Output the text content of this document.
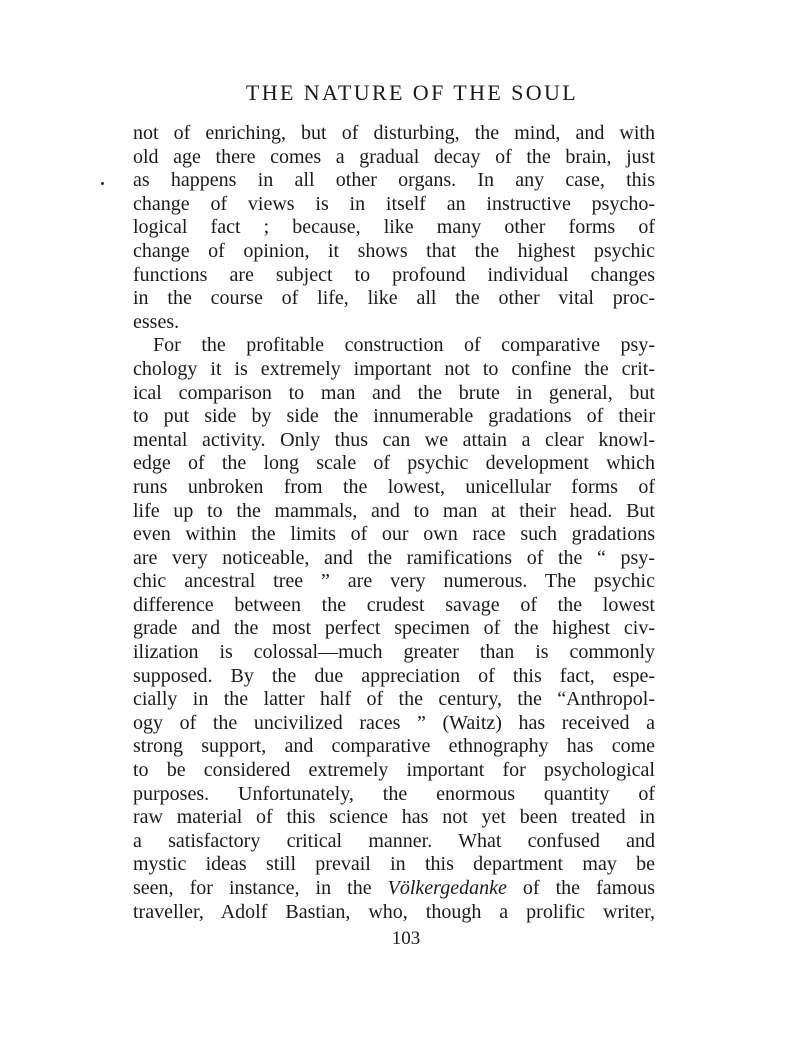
THE NATURE OF THE SOUL
not of enriching, but of disturbing, the mind, and with
old age there comes a gradual decay of the brain, just
as happens in all other organs. In any case, this
change of views is in itself an instructive psycho-
logical fact ; because, like many other forms of
change of opinion, it shows that the highest psychic
functions are subject to profound individual changes
in the course of life, like all the other vital proc-
esses.
For the profitable construction of comparative psy-
chology it is extremely important not to confine the crit-
ical comparison to man and the brute in general, but
to put side by side the innumerable gradations of their
mental activity. Only thus can we attain a clear knowl-
edge of the long scale of psychic development which
runs unbroken from the lowest, unicellular forms of
life up to the mammals, and to man at their head. But
even within the limits of our own race such gradations
are very noticeable, and the ramifications of the “ psy-
chic ancestral tree ” are very numerous. The psychic
difference between the crudest savage of the lowest
grade and the most perfect specimen of the highest civ-
ilization is colossal—much greater than is commonly
supposed. By the due appreciation of this fact, espe-
cially in the latter half of the century, the “Anthropol-
ogy of the uncivilized races ” (Waitz) has received a
strong support, and comparative ethnography has come
to be considered extremely important for psychological
purposes. Unfortunately, the enormous quantity of
raw material of this science has not yet been treated in
a satisfactory critical manner. What confused and
mystic ideas still prevail in this department may be
seen, for instance, in the Völkergedanke of the famous
traveller, Adolf Bastian, who, though a prolific writer,
103
